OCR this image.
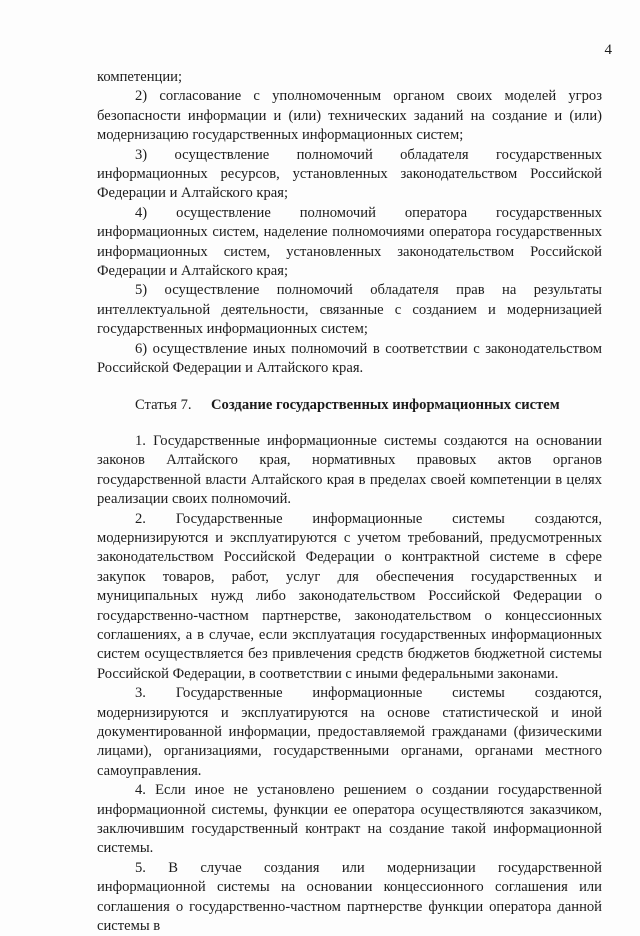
4

компетенции;

2) согласование с уполномоченным органом своих моделей угроз безопасности информации и (или) технических заданий на создание и (или) модернизацию государственных информационных систем;

3) осуществление полномочий обладателя государственных информационных ресурсов, установленных законодательством Российской Федерации и Алтайского края;

4) осуществление полномочий оператора государственных информационных систем, наделение полномочиями оператора государственных информационных систем, установленных законодательством Российской Федерации и Алтайского края;

5) осуществление полномочий обладателя прав на результаты интеллектуальной деятельности, связанные с созданием и модернизацией государственных информационных систем;

6) осуществление иных полномочий в соответствии с законодательством Российской Федерации и Алтайского края.

Статья 7.	Создание государственных информационных систем

1. Государственные информационные системы создаются на основании законов Алтайского края, нормативных правовых актов органов государственной власти Алтайского края в пределах своей компетенции в целях реализации своих полномочий.

2. Государственные информационные системы создаются, модернизируются и эксплуатируются с учетом требований, предусмотренных законодательством Российской Федерации о контрактной системе в сфере закупок товаров, работ, услуг для обеспечения государственных и муниципальных нужд либо законодательством Российской Федерации о государственно-частном партнерстве, законодательством о концессионных соглашениях, а в случае, если эксплуатация государственных информационных систем осуществляется без привлечения средств бюджетов бюджетной системы Российской Федерации, в соответствии с иными федеральными законами.

3. Государственные информационные системы создаются, модернизируются и эксплуатируются на основе статистической и иной документированной информации, предоставляемой гражданами (физическими лицами), организациями, государственными органами, органами местного самоуправления.

4. Если иное не установлено решением о создании государственной информационной системы, функции ее оператора осуществляются заказчиком, заключившим государственный контракт на создание такой информационной системы.

5. В случае создания или модернизации государственной информационной системы на основании концессионного соглашения или соглашения о государственно-частном партнерстве функции оператора данной системы в
